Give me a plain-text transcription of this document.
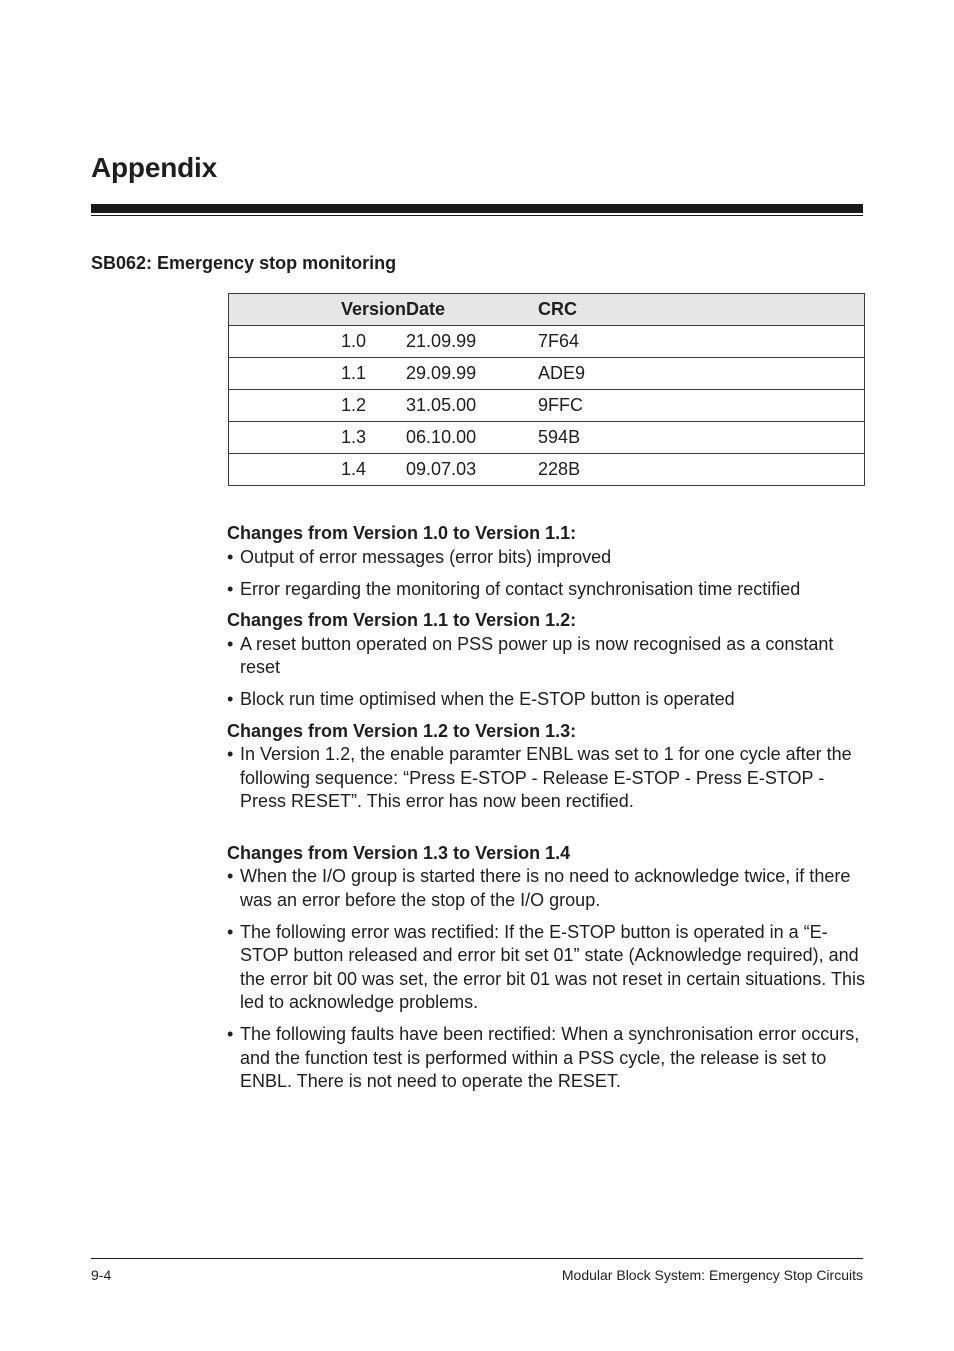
Appendix
SB062: Emergency stop monitoring
Version	Date	CRC
1.0	21.09.99	7F64
1.1	29.09.99	ADE9
1.2	31.05.00	9FFC
1.3	06.10.00	594B
1.4	09.07.03	228B

Changes from Version 1.0 to Version 1.1:

• Output of error messages (error bits) improved
• Error regarding the monitoring of contact synchronisation time rectified

Changes from Version 1.1 to Version 1.2:

• A reset button operated on PSS power up is now recognised as a constant reset
• Block run time optimised when the E-STOP button is operated

Changes from Version 1.2 to Version 1.3:

• In Version 1.2, the enable paramter ENBL was set to 1 for one cycle after the following sequence: “Press E-STOP - Release E-STOP - Press E-STOP - Press RESET”. This error has now been rectified.

Changes from Version 1.3 to Version 1.4

• When the I/O group is started there is no need to acknowledge twice, if there was an error before the stop of the I/O group.
• The following error was rectified: If the E-STOP button is operated in a “E-STOP button released and error bit set 01” state (Acknowledge required), and the error bit 00 was set, the error bit 01 was not reset in certain situations. This led to acknowledge problems.
• The following faults have been rectified: When a synchronisation error occurs, and the function test is performed within a PSS cycle, the release is set to ENBL. There is not need to operate the RESET.
9-4	Modular Block System: Emergency Stop Circuits
